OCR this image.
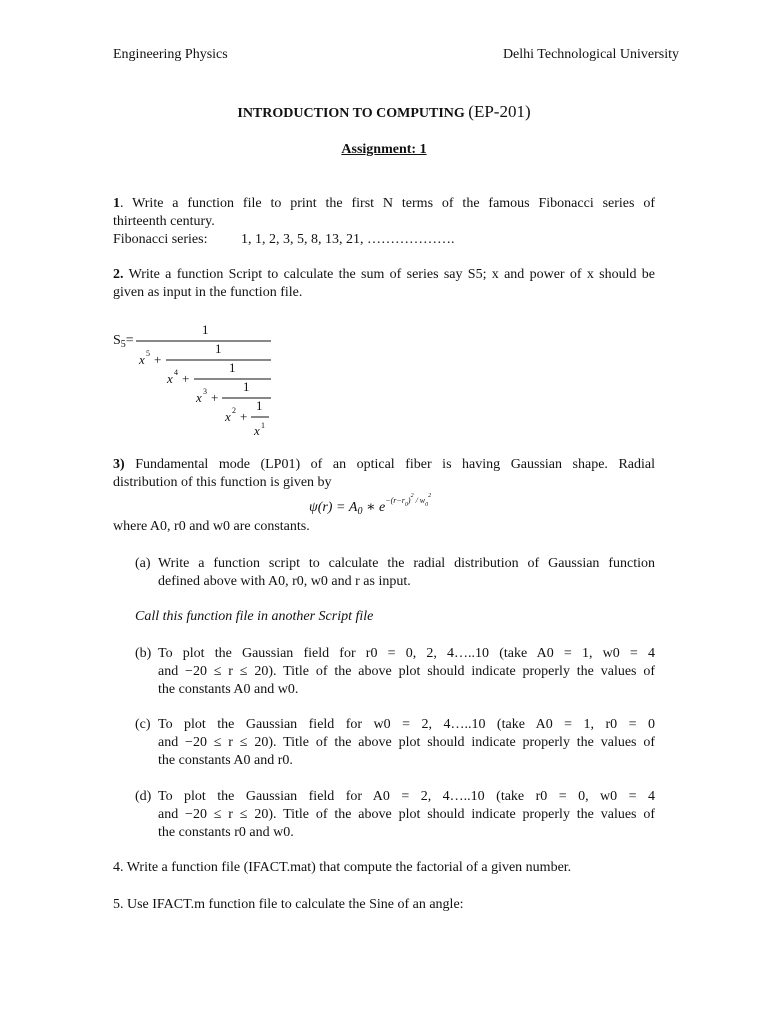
Engineering Physics	Delhi Technological University
INTRODUCTION TO COMPUTING (EP-201)
Assignment: 1
1. Write a function file to print the first N terms of the famous Fibonacci series of
thirteenth century.
Fibonacci series: 1, 1, 2, 3, 5, 8, 13, 21, ……………….
2. Write a function Script to calculate the sum of series say S5; x and power of x should be
given as input in the function file.
$S_5=$
1
x 5 +
1
x 4 +
1
x 3 +
1
x 2 +
1
x 1
3) Fundamental mode (LP01) of an optical fiber is having Gaussian shape. Radial
distribution of this function is given by
$\psi(r) = A_0$ ∗ $e^{-(r-r_0)^2 / w_0^2}$
where A0, r0 and w0 are constants.
(a) Write a function script to calculate the radial distribution of Gaussian function
defined above with A0, r0, w0 and r as input.
Call this function file in another Script file
(b) To plot the Gaussian field for r0 = 0, 2, 4…..10 (take A0 = 1, w0 = 4
and −20 ≤ r ≤ 20). Title of the above plot should indicate properly the values of
the constants A0 and w0.
(c) To plot the Gaussian field for w0 = 2, 4…..10 (take A0 = 1, r0 = 0
and −20 ≤ r ≤ 20). Title of the above plot should indicate properly the values of
the constants A0 and r0.
(d) To plot the Gaussian field for A0 = 2, 4…..10 (take r0 = 0, w0 = 4
and −20 ≤ r ≤ 20). Title of the above plot should indicate properly the values of
the constants r0 and w0.
4. Write a function file (IFACT.mat) that compute the factorial of a given number.
5. Use IFACT.m function file to calculate the Sine of an angle:
